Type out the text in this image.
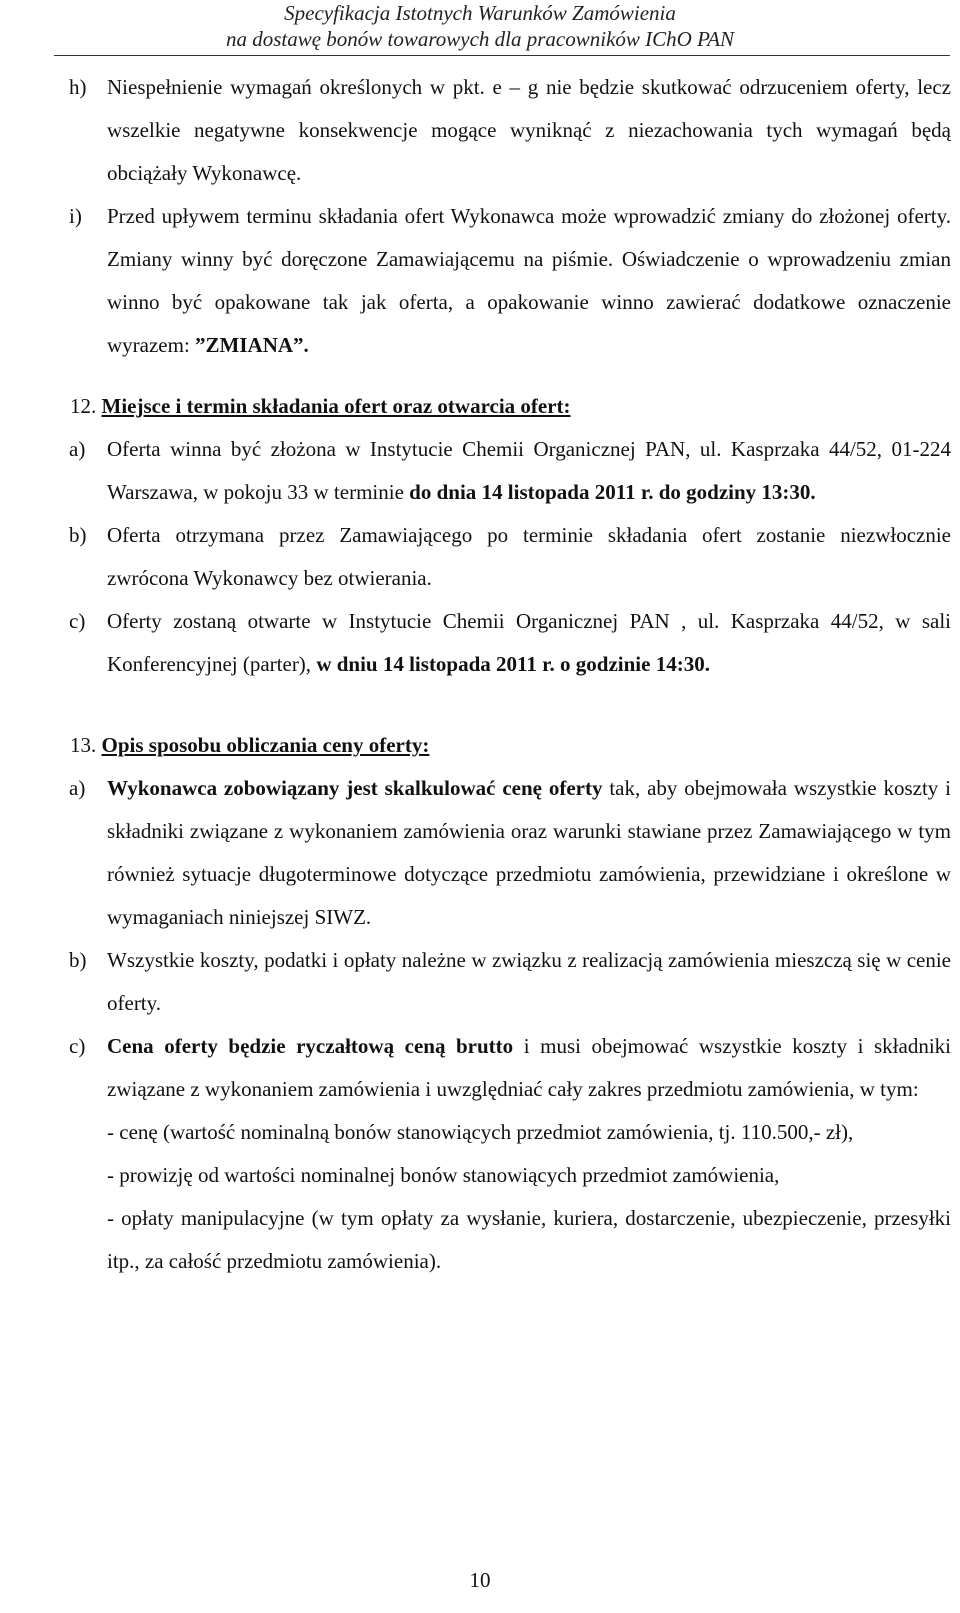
Specyfikacja Istotnych Warunków Zamówienia
na dostawę bonów towarowych dla pracowników IChO PAN
h) Niespełnienie wymagań określonych w pkt. e – g nie będzie skutkować odrzuceniem oferty, lecz wszelkie negatywne konsekwencje mogące wyniknąć z niezachowania tych wymagań będą obciążały Wykonawcę.
i) Przed upływem terminu składania ofert Wykonawca może wprowadzić zmiany do złożonej oferty. Zmiany winny być doręczone Zamawiającemu na piśmie. Oświadczenie o wprowadzeniu zmian winno być opakowane tak jak oferta, a opakowanie winno zawierać dodatkowe oznaczenie wyrazem: ”ZMIANA”.
12. Miejsce i termin składania ofert oraz otwarcia ofert:
a) Oferta winna być złożona w Instytucie Chemii Organicznej PAN, ul. Kasprzaka 44/52, 01-224 Warszawa, w pokoju 33 w terminie do dnia 14 listopada 2011 r. do godziny 13:30.
b) Oferta otrzymana przez Zamawiającego po terminie składania ofert zostanie niezwłocznie zwrócona Wykonawcy bez otwierania.
c) Oferty zostaną otwarte w Instytucie Chemii Organicznej PAN , ul. Kasprzaka 44/52, w sali Konferencyjnej (parter), w dniu 14 listopada 2011 r. o godzinie 14:30.
13. Opis sposobu obliczania ceny oferty:
a) Wykonawca zobowiązany jest skalkulować cenę oferty tak, aby obejmowała wszystkie koszty i składniki związane z wykonaniem zamówienia oraz warunki stawiane przez Zamawiającego w tym również sytuacje długoterminowe dotyczące przedmiotu zamówienia, przewidziane i określone w wymaganiach niniejszej SIWZ.
b) Wszystkie koszty, podatki i opłaty należne w związku z realizacją zamówienia mieszczą się w cenie oferty.
c) Cena oferty będzie ryczałtową ceną brutto i musi obejmować wszystkie koszty i składniki związane z wykonaniem zamówienia i uwzględniać cały zakres przedmiotu zamówienia, w tym:
- cenę (wartość nominalną bonów stanowiących przedmiot zamówienia, tj. 110.500,- zł),
- prowizję od wartości nominalnej bonów stanowiących przedmiot zamówienia,
- opłaty manipulacyjne (w tym opłaty za wysłanie, kuriera, dostarczenie, ubezpieczenie, przesyłki itp., za całość przedmiotu zamówienia).
10
